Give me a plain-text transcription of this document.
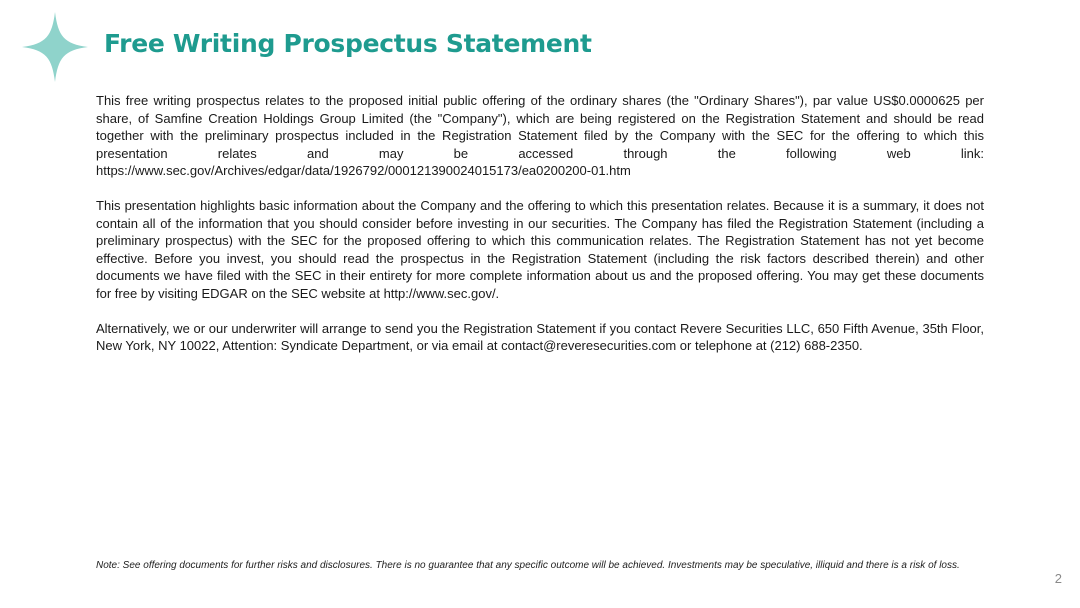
Free Writing Prospectus Statement

This free writing prospectus relates to the proposed initial public offering of the ordinary shares (the "Ordinary Shares"), par value US$0.0000625 per share, of Samfine Creation Holdings Group Limited (the "Company"), which are being registered on the Registration Statement and should be read together with the preliminary prospectus included in the Registration Statement filed by the Company with the SEC for the offering to which this presentation relates and may be accessed through the following web link: https://www.sec.gov/Archives/edgar/data/1926792/000121390024015173/ea0200200-01.htm

This presentation highlights basic information about the Company and the offering to which this presentation relates. Because it is a summary, it does not contain all of the information that you should consider before investing in our securities. The Company has filed the Registration Statement (including a preliminary prospectus) with the SEC for the proposed offering to which this communication relates. The Registration Statement has not yet become effective. Before you invest, you should read the prospectus in the Registration Statement (including the risk factors described therein) and other documents we have filed with the SEC in their entirety for more complete information about us and the proposed offering. You may get these documents for free by visiting EDGAR on the SEC website at http://www.sec.gov/.

Alternatively, we or our underwriter will arrange to send you the Registration Statement if you contact Revere Securities LLC, 650 Fifth Avenue, 35th Floor, New York, NY 10022, Attention: Syndicate Department, or via email at contact@reveresecurities.com or telephone at (212) 688-2350.

Note: See offering documents for further risks and disclosures. There is no guarantee that any specific outcome will be achieved. Investments may be speculative, illiquid and there is a risk of loss.

2
